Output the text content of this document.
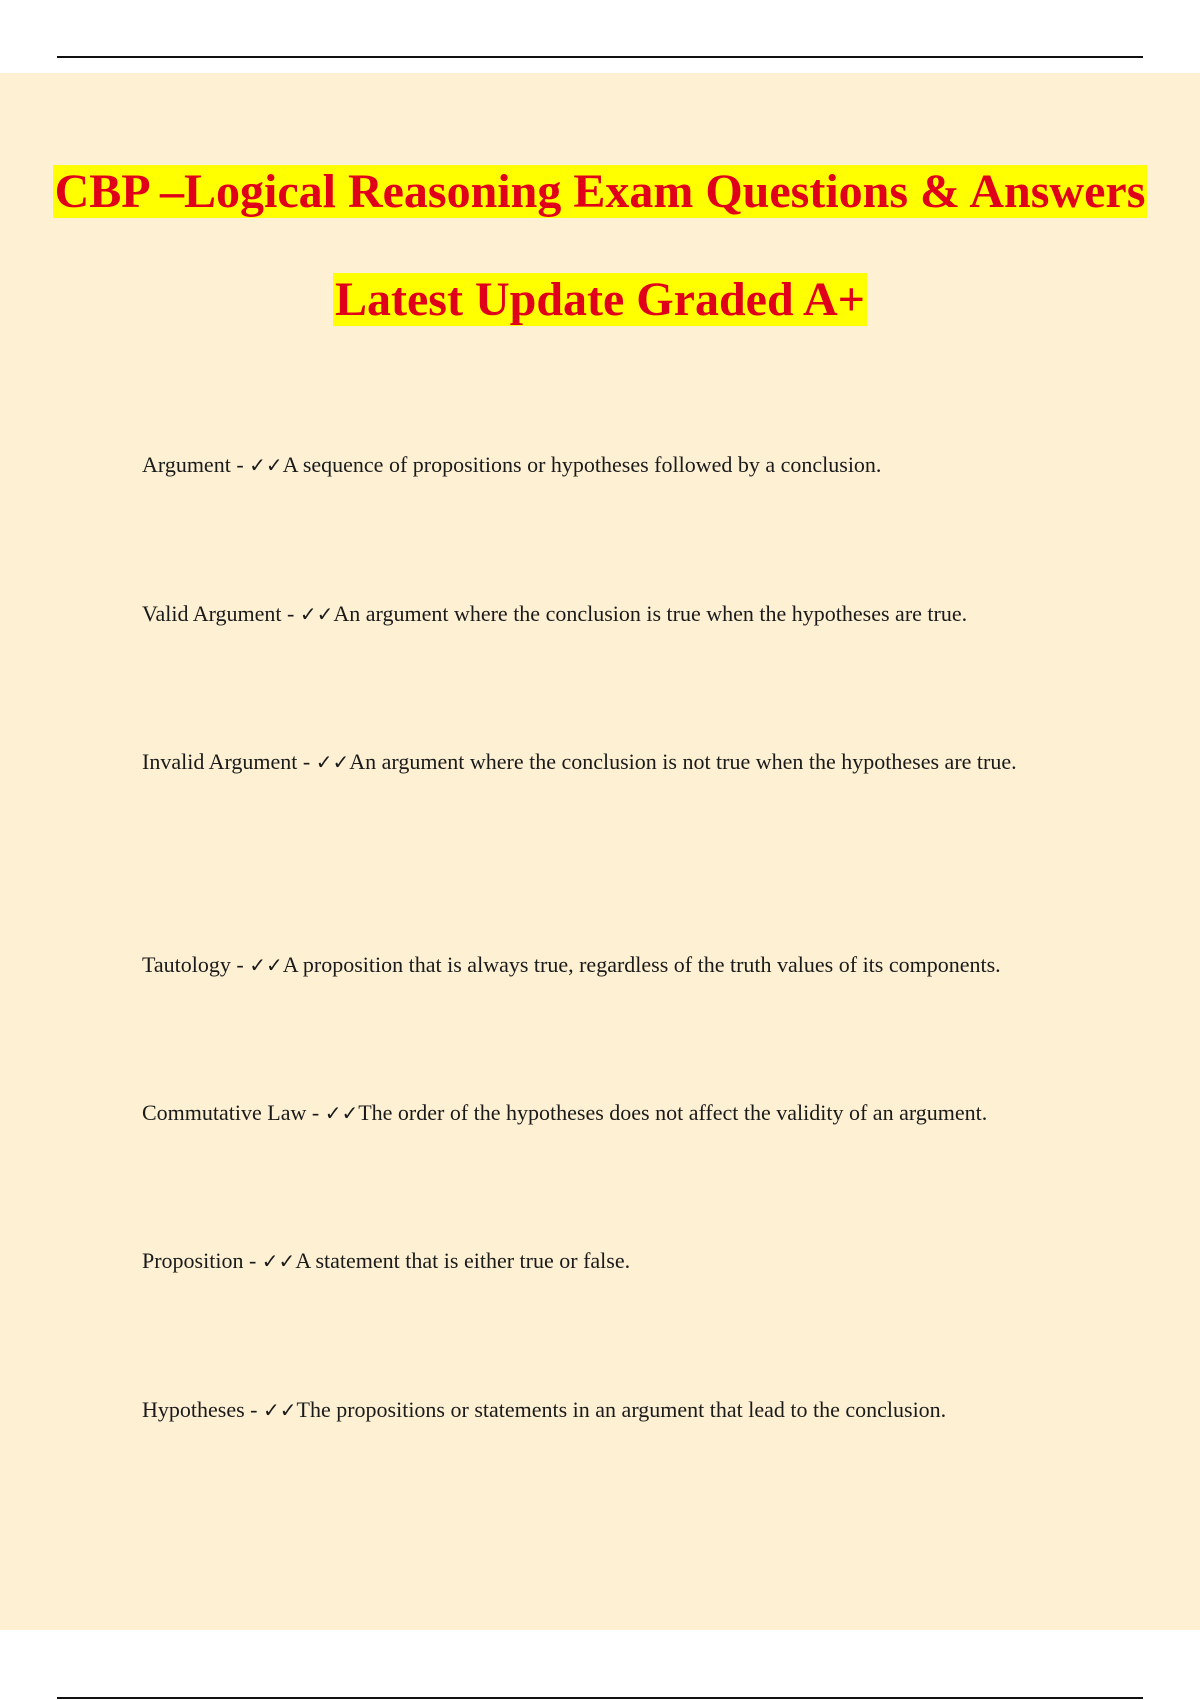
CBP –Logical Reasoning Exam Questions & Answers Latest Update Graded A+

Argument - ✓✓A sequence of propositions or hypotheses followed by a conclusion.

Valid Argument - ✓✓An argument where the conclusion is true when the hypotheses are true.

Invalid Argument - ✓✓An argument where the conclusion is not true when the hypotheses are true.

Tautology - ✓✓A proposition that is always true, regardless of the truth values of its components.

Commutative Law - ✓✓The order of the hypotheses does not affect the validity of an argument.

Proposition - ✓✓A statement that is either true or false.

Hypotheses - ✓✓The propositions or statements in an argument that lead to the conclusion.
